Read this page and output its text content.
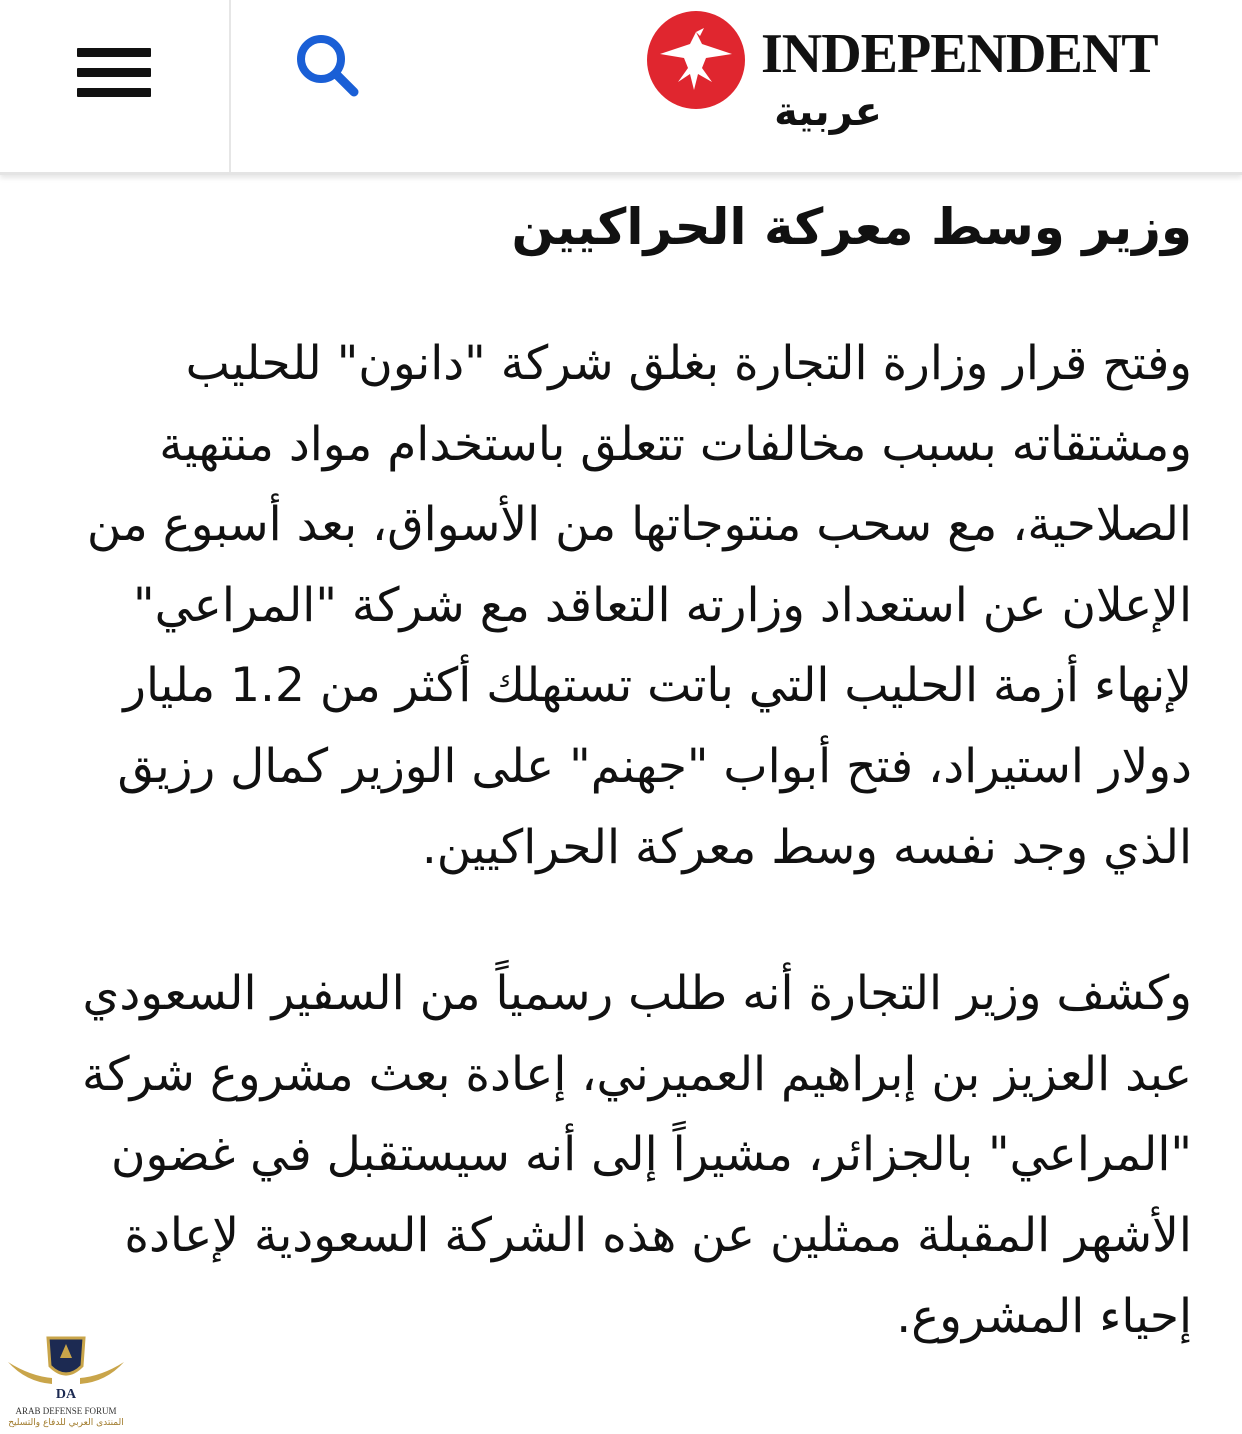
INDEPENDENT
عربية
وزير وسط معركة الحراكيين

وفتح قرار وزارة التجارة بغلق شركة "دانون" للحليب ومشتقاته بسبب مخالفات تتعلق باستخدام مواد منتهية الصلاحية، مع سحب منتوجاتها من الأسواق، بعد أسبوع من الإعلان عن استعداد وزارته التعاقد مع شركة "المراعي" لإنهاء أزمة الحليب التي باتت تستهلك أكثر من 1.2 مليار دولار استيراد، فتح أبواب "جهنم" على الوزير كمال رزيق الذي وجد نفسه وسط معركة الحراكيين.

وكشف وزير التجارة أنه طلب رسمياً من السفير السعودي عبد العزيز بن إبراهيم العميرني، إعادة بعث مشروع شركة "المراعي" بالجزائر، مشيراً إلى أنه سيستقبل في غضون الأشهر المقبلة ممثلين عن هذه الشركة السعودية لإعادة إحياء المشروع.

DA
ARAB DEFENSE FORUM
المنتدى العربي للدفاع والتسليح
